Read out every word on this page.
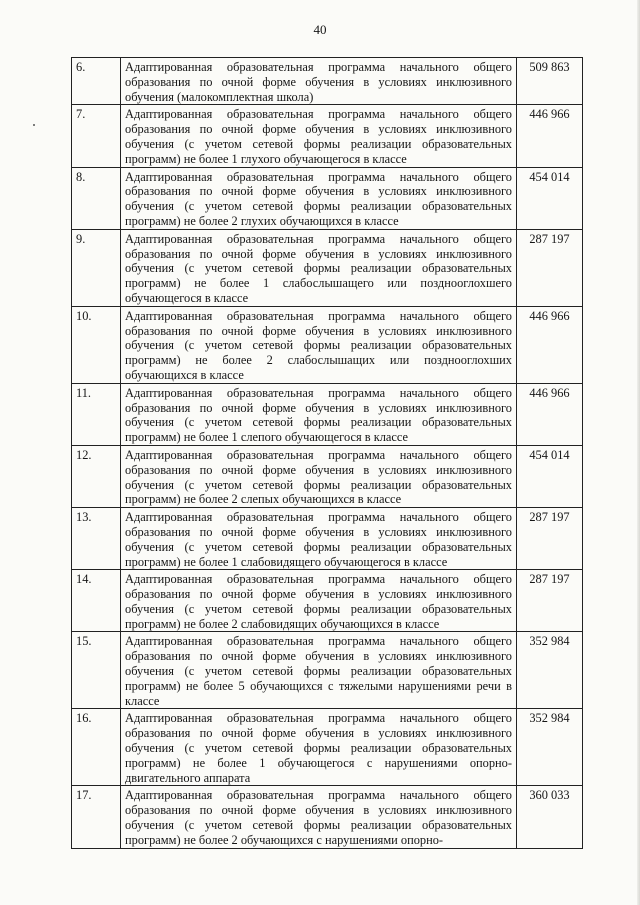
40
6.	Адаптированная образовательная программа начального общего образования по очной форме обучения в условиях инклюзивного обучения (малокомплектная школа)	509 863
7.	Адаптированная образовательная программа начального общего образования по очной форме обучения в условиях инклюзивного обучения (с учетом сетевой формы реализации образовательных программ) не более 1 глухого обучающегося в классе	446 966
8.	Адаптированная образовательная программа начального общего образования по очной форме обучения в условиях инклюзивного обучения (с учетом сетевой формы реализации образовательных программ) не более 2 глухих обучающихся в классе	454 014
9.	Адаптированная образовательная программа начального общего образования по очной форме обучения в условиях инклюзивного обучения (с учетом сетевой формы реализации образовательных программ) не более 1 слабослышащего или позднооглохшего обучающегося в классе	287 197
10.	Адаптированная образовательная программа начального общего образования по очной форме обучения в условиях инклюзивного обучения (с учетом сетевой формы реализации образовательных программ) не более 2 слабослышащих или позднооглохших обучающихся в классе	446 966
11.	Адаптированная образовательная программа начального общего образования по очной форме обучения в условиях инклюзивного обучения (с учетом сетевой формы реализации образовательных программ) не более 1 слепого обучающегося в классе	446 966
12.	Адаптированная образовательная программа начального общего образования по очной форме обучения в условиях инклюзивного обучения (с учетом сетевой формы реализации образовательных программ) не более 2 слепых обучающихся в классе	454 014
13.	Адаптированная образовательная программа начального общего образования по очной форме обучения в условиях инклюзивного обучения (с учетом сетевой формы реализации образовательных программ) не более 1 слабовидящего обучающегося в классе	287 197
14.	Адаптированная образовательная программа начального общего образования по очной форме обучения в условиях инклюзивного обучения (с учетом сетевой формы реализации образовательных программ) не более 2 слабовидящих обучающихся в классе	287 197
15.	Адаптированная образовательная программа начального общего образования по очной форме обучения в условиях инклюзивного обучения (с учетом сетевой формы реализации образовательных программ) не более 5 обучающихся с тяжелыми нарушениями речи в классе	352 984
16.	Адаптированная образовательная программа начального общего образования по очной форме обучения в условиях инклюзивного обучения (с учетом сетевой формы реализации образовательных программ) не более 1 обучающегося с нарушениями опорно-двигательного аппарата	352 984
17.	Адаптированная образовательная программа начального общего образования по очной форме обучения в условиях инклюзивного обучения (с учетом сетевой формы реализации образовательных программ) не более 2 обучающихся с нарушениями опорно-	360 033
